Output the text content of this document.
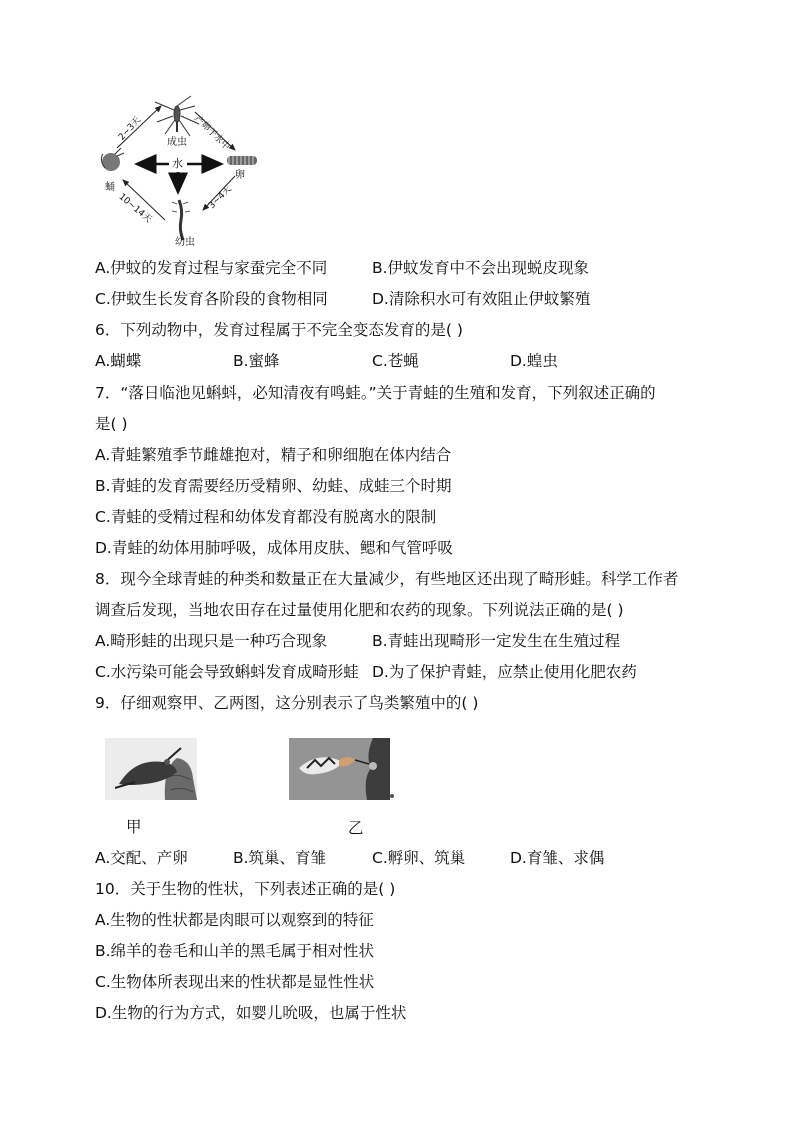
水
成虫
卵
蛹
幼虫
产卵于水中
3~4天
10~14天
2~3天
A.伊蚊的发育过程与家蚕完全不同	B.伊蚊发育中不会出现蜕皮现象
C.伊蚊生长发育各阶段的食物相同	D.清除积水可有效阻止伊蚊繁殖
6．下列动物中，发育过程属于不完全变态发育的是( )
A.蝴蝶	B.蜜蜂	C.苍蝇	D.蝗虫
7．“落日临池见蝌蚪，必知清夜有鸣蛙。”关于青蛙的生殖和发育，下列叙述正确的
是( )
A.青蛙繁殖季节雌雄抱对，精子和卵细胞在体内结合
B.青蛙的发育需要经历受精卵、幼蛙、成蛙三个时期
C.青蛙的受精过程和幼体发育都没有脱离水的限制
D.青蛙的幼体用肺呼吸，成体用皮肤、鳃和气管呼吸
8．现今全球青蛙的种类和数量正在大量减少，有些地区还出现了畸形蛙。科学工作者
调查后发现，当地农田存在过量使用化肥和农药的现象。下列说法正确的是( )
A.畸形蛙的出现只是一种巧合现象	B.青蛙出现畸形一定发生在生殖过程
C.水污染可能会导致蝌蚪发育成畸形蛙 D.为了保护青蛙，应禁止使用化肥农药
9．仔细观察甲、乙两图，这分别表示了鸟类繁殖中的( )
甲	乙
A.交配、产卵	B.筑巢、育雏	C.孵卵、筑巢	D.育雏、求偶
10．关于生物的性状，下列表述正确的是( )
A.生物的性状都是肉眼可以观察到的特征
B.绵羊的卷毛和山羊的黑毛属于相对性状
C.生物体所表现出来的性状都是显性性状
D.生物的行为方式，如婴儿吮吸，也属于性状
